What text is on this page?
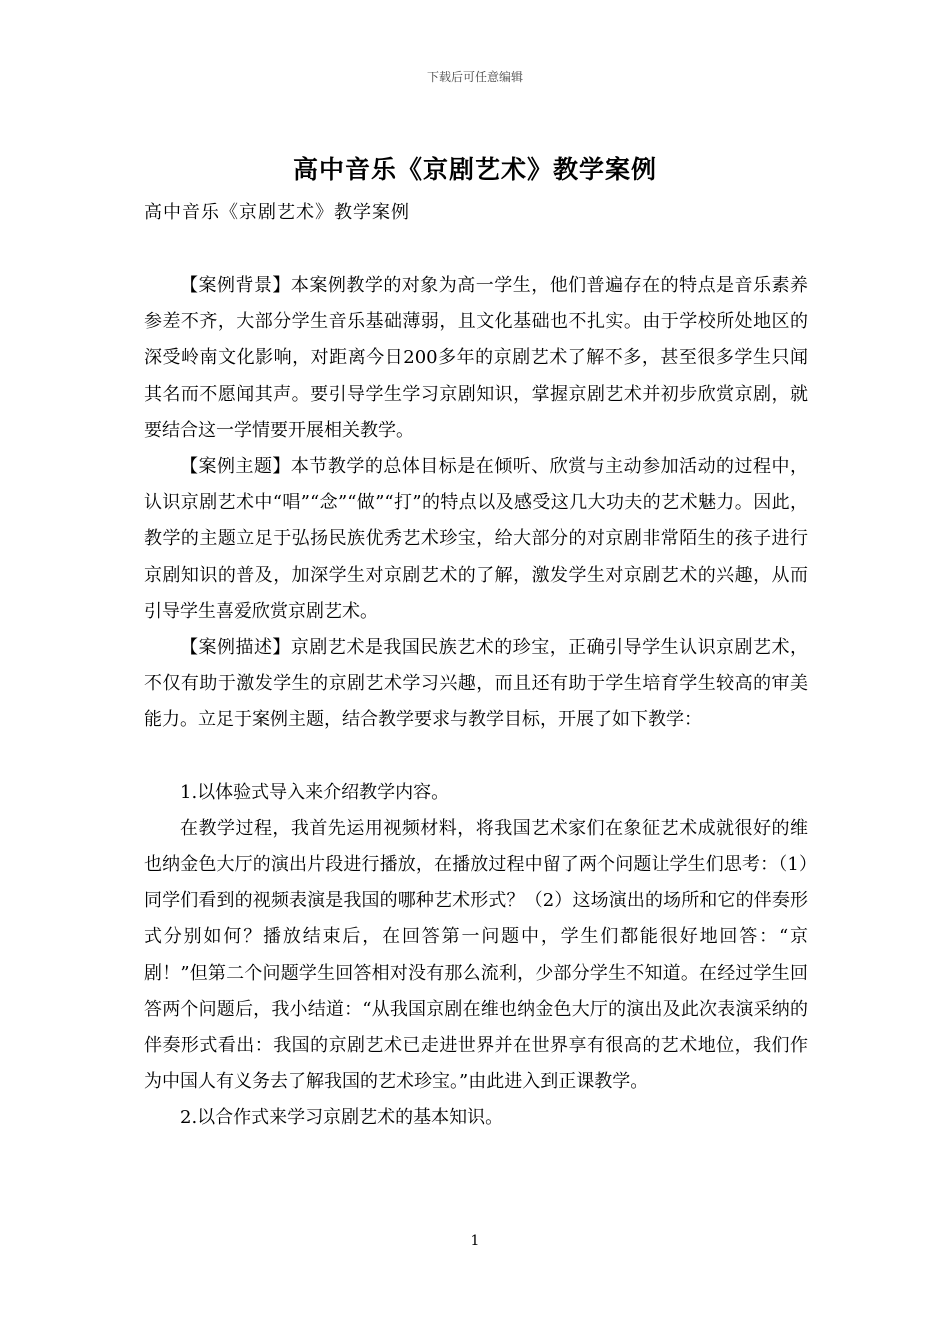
下载后可任意编辑
高中音乐《京剧艺术》教学案例
高中音乐《京剧艺术》教学案例

【案例背景】本案例教学的对象为高一学生，他们普遍存在的特点是音乐素养参差不齐，大部分学生音乐基础薄弱，且文化基础也不扎实。由于学校所处地区的深受岭南文化影响，对距离今日200多年的京剧艺术了解不多，甚至很多学生只闻其名而不愿闻其声。要引导学生学习京剧知识，掌握京剧艺术并初步欣赏京剧，就要结合这一学情要开展相关教学。

【案例主题】本节教学的总体目标是在倾听、欣赏与主动参加活动的过程中，认识京剧艺术中“唱”“念”“做”“打”的特点以及感受这几大功夫的艺术魅力。因此，教学的主题立足于弘扬民族优秀艺术珍宝，给大部分的对京剧非常陌生的孩子进行京剧知识的普及，加深学生对京剧艺术的了解，激发学生对京剧艺术的兴趣，从而引导学生喜爱欣赏京剧艺术。

【案例描述】京剧艺术是我国民族艺术的珍宝，正确引导学生认识京剧艺术，不仅有助于激发学生的京剧艺术学习兴趣，而且还有助于学生培育学生较高的审美能力。立足于案例主题，结合教学要求与教学目标，开展了如下教学：

1.以体验式导入来介绍教学内容。

在教学过程，我首先运用视频材料，将我国艺术家们在象征艺术成就很好的维也纳金色大厅的演出片段进行播放，在播放过程中留了两个问题让学生们思考：（1）同学们看到的视频表演是我国的哪种艺术形式？（2）这场演出的场所和它的伴奏形式分别如何？播放结束后，在回答第一问题中，学生们都能很好地回答：“京剧！”但第二个问题学生回答相对没有那么流利，少部分学生不知道。在经过学生回答两个问题后，我小结道：“从我国京剧在维也纳金色大厅的演出及此次表演采纳的伴奏形式看出：我国的京剧艺术已走进世界并在世界享有很高的艺术地位，我们作为中国人有义务去了解我国的艺术珍宝。”由此进入到正课教学。

2.以合作式来学习京剧艺术的基本知识。

1
